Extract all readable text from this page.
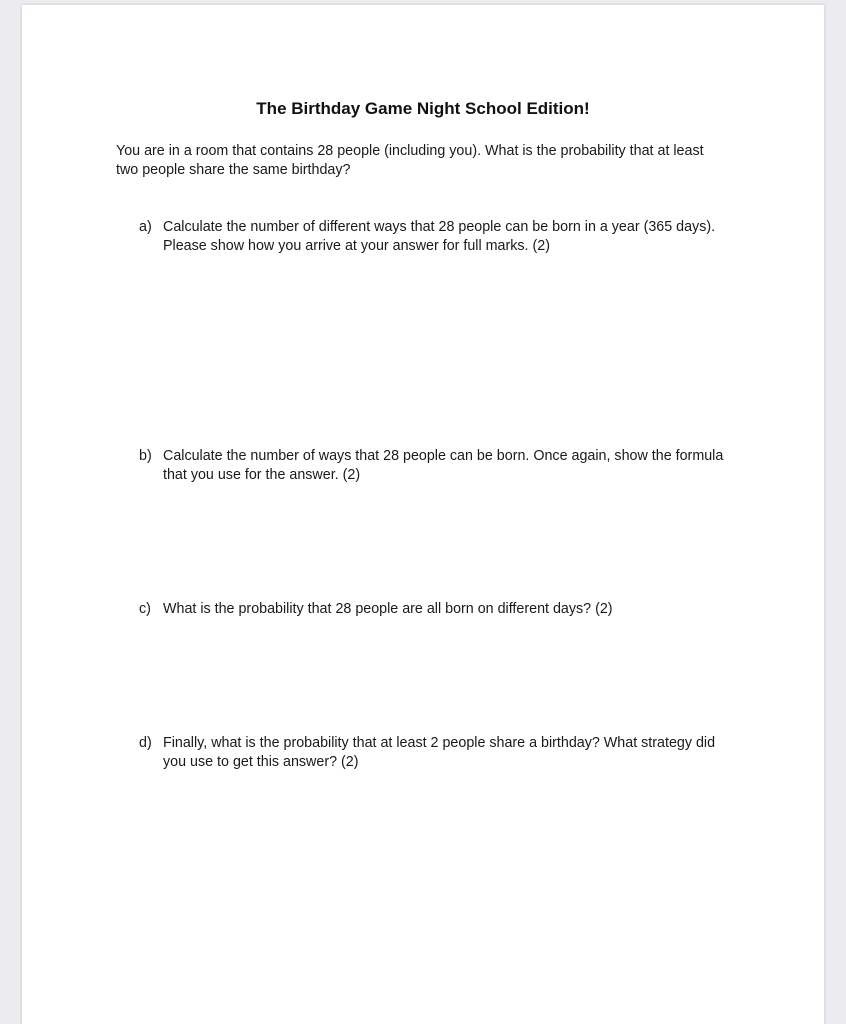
The Birthday Game Night School Edition!

You are in a room that contains 28 people (including you). What is the probability that at least two people share the same birthday?

a) Calculate the number of different ways that 28 people can be born in a year (365 days). Please show how you arrive at your answer for full marks. (2)
b) Calculate the number of ways that 28 people can be born. Once again, show the formula that you use for the answer. (2)
c) What is the probability that 28 people are all born on different days? (2)
d) Finally, what is the probability that at least 2 people share a birthday? What strategy did you use to get this answer? (2)
